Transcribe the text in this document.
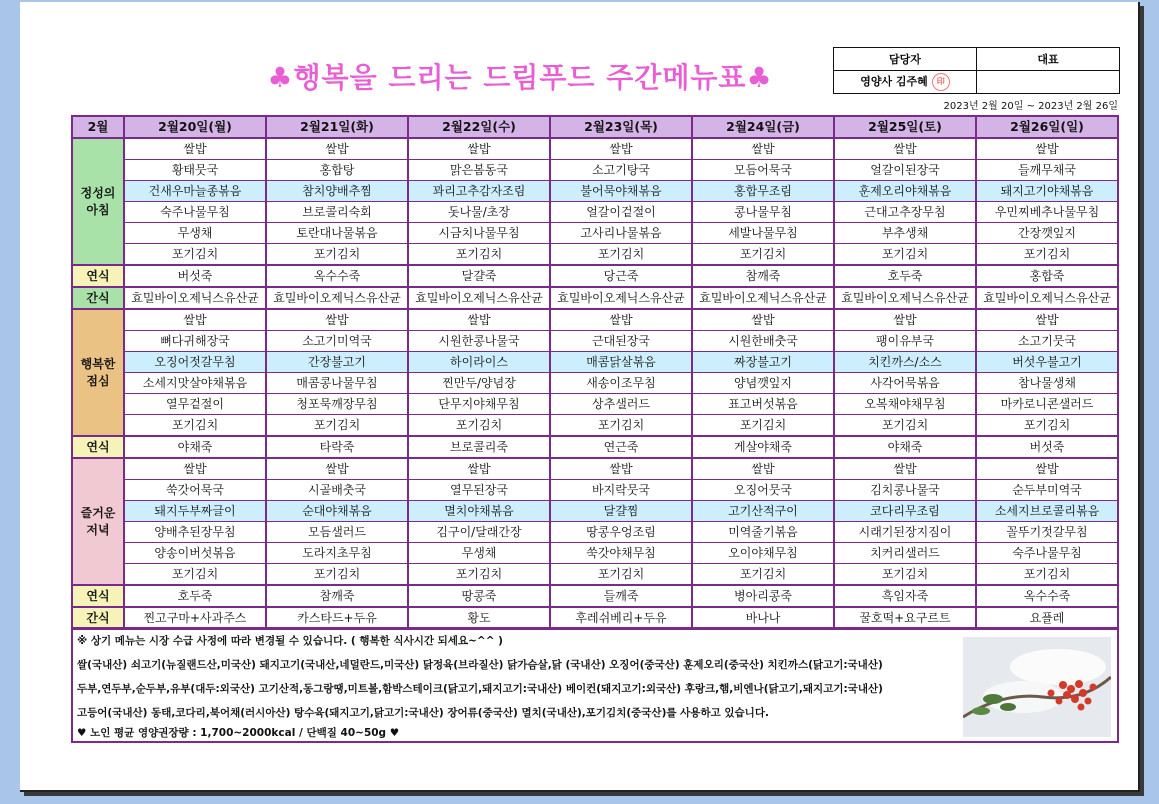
♣행복을 드리는 드림푸드 주간메뉴표♣
담당자	대표
영양사 김주혜 印	
2023년 2월 20일 ~ 2023년 2월 26일
2월	2월20일(월)	2월21일(화)	2월22일(수)	2월23일(목)	2월24일(금)	2월25일(토)	2월26일(일)
정성의 아침	쌀밥	쌀밥	쌀밥	쌀밥	쌀밥	쌀밥	쌀밥
	황태뭇국	홍합탕	맑은봄동국	소고기탕국	모듬어묵국	얼갈이된장국	들깨무채국
	건새우마늘종볶음	참치양배추찜	꽈리고추감자조림	불어묵야채볶음	홍합무조림	훈제오리야채볶음	돼지고기야채볶음
	숙주나물무침	브로콜리숙회	돗나물/초장	얼갈이겉절이	콩나물무침	근대고추장무침	우민찌베추나물무침
	무생채	토란대나물볶음	시금치나물무침	고사리나물볶음	세발나물무침	부추생채	간장깻잎지
	포기김치	포기김치	포기김치	포기김치	포기김치	포기김치	포기김치
연식	버섯죽	옥수수죽	달걀죽	당근죽	참깨죽	호두죽	홍합죽
간식	효밀바이오제닉스유산균	효밀바이오제닉스유산균	효밀바이오제닉스유산균	효밀바이오제닉스유산균	효밀바이오제닉스유산균	효밀바이오제닉스유산균	효밀바이오제닉스유산균
행복한 점심	쌀밥	쌀밥	쌀밥	쌀밥	쌀밥	쌀밥	쌀밥
	뼈다귀해장국	소고기미역국	시원한콩나물국	근대된장국	시원한배춧국	팽이유부국	소고기뭇국
	오징어젓갈무침	간장불고기	하이라이스	매콤닭살볶음	짜장불고기	치킨까스/소스	버섯우불고기
	소세지맛살야채볶음	매콤콩나물무침	찐만두/양념장	새송이조무침	양념깻잎지	사각어묵볶음	참나물생채
	열무겉절이	청포묵깨장무침	단무지야채무침	상추샐러드	표고버섯볶음	오복채야채무침	마카로니콘샐러드
	포기김치	포기김치	포기김치	포기김치	포기김치	포기김치	포기김치
연식	야채죽	타락죽	브로콜리죽	연근죽	게살야채죽	야채죽	버섯죽
즐거운 저녁	쌀밥	쌀밥	쌀밥	쌀밥	쌀밥	쌀밥	쌀밥
	쑥갓어묵국	시골배춧국	열무된장국	바지락뭇국	오징어뭇국	김치콩나물국	순두부미역국
	돼지두부짜글이	순대야채볶음	멸치야채볶음	달걀찜	고기산적구이	코다리무조림	소세지브로콜리볶음
	양배추된장무침	모듬샐러드	김구이/달래간장	땅콩우엉조림	미역줄기볶음	시래기된장지짐이	꼴뚜기젓갈무침
	양송이버섯볶음	도라지초무침	무생채	쑥갓야채무침	오이야채무침	치커리샐러드	숙주나물무침
	포기김치	포기김치	포기김치	포기김치	포기김치	포기김치	포기김치
연식	호두죽	참깨죽	땅콩죽	들깨죽	병아리콩죽	흑임자죽	옥수수죽
간식	찐고구마+사과주스	카스타드+두유	황도	후레쉬베리+두유	바나나	꿀호떡+요구르트	요플레
※ 상기 메뉴는 시장 수급 사정에 따라 변경될 수 있습니다. ( 행복한 식사시간 되세요~^^ )
쌀(국내산) 쇠고기(뉴질랜드산,미국산) 돼지고기(국내산,네덜란드,미국산) 닭정육(브라질산) 닭가슴살,닭 (국내산) 오징어(중국산) 훈제오리(중국산) 치킨까스(닭고기:국내산)
두부,연두부,순두부,유부(대두:외국산) 고기산적,동그랑땡,미트볼,함박스테이크(닭고기,돼지고기:국내산) 베이컨(돼지고기:외국산) 후랑크,햄,비엔나(닭고기,돼지고기:국내산)
고등어(국내산) 동태,코다리,북어채(러시아산) 탕수육(돼지고기,닭고기:국내산) 장어류(중국산) 멸치(국내산),포기김치(중국산)를 사용하고 있습니다.
♥ 노인 평균 영양권장량 : 1,700~2000kcal / 단백질 40~50g ♥
